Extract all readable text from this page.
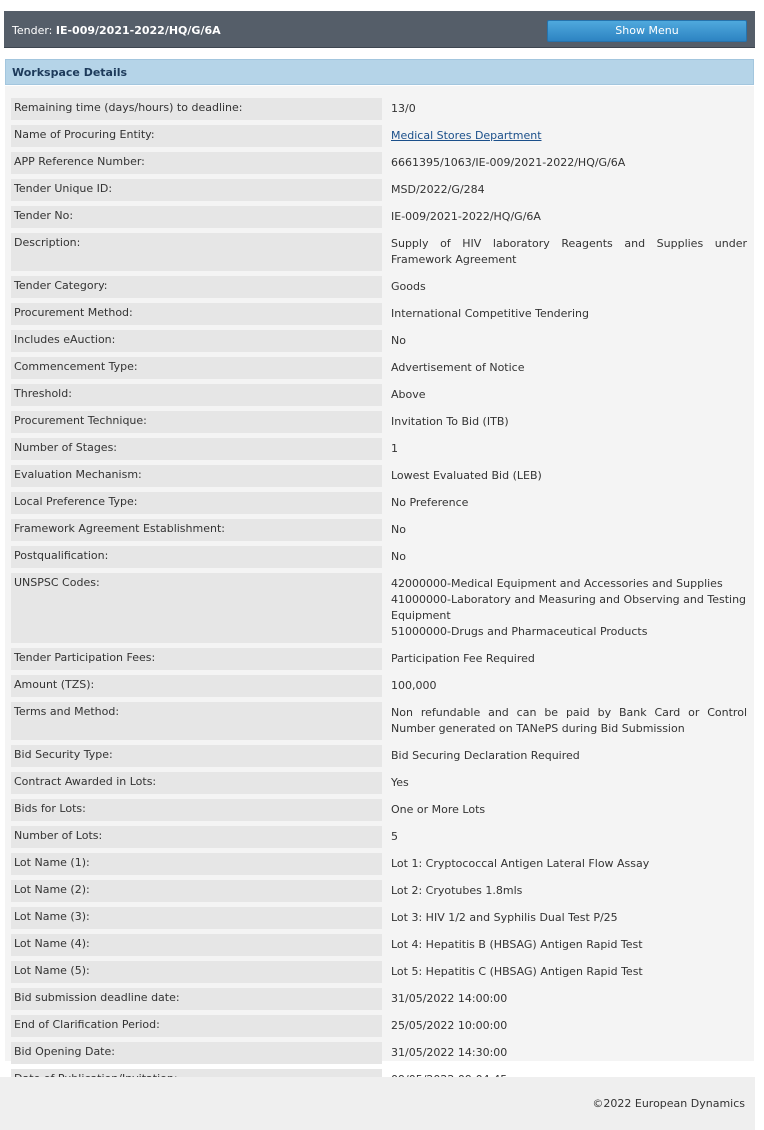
Tender: IE-009/2021-2022/HQ/G/6A	Show Menu
Workspace Details
Remaining time (days/hours) to deadline:	13/0
Name of Procuring Entity:	Medical Stores Department
APP Reference Number:	6661395/1063/IE-009/2021-2022/HQ/G/6A
Tender Unique ID:	MSD/2022/G/284
Tender No:	IE-009/2021-2022/HQ/G/6A
Description:	Supply of HIV laboratory Reagents and Supplies under Framework Agreement
Tender Category:	Goods
Procurement Method:	International Competitive Tendering
Includes eAuction:	No
Commencement Type:	Advertisement of Notice
Threshold:	Above
Procurement Technique:	Invitation To Bid (ITB)
Number of Stages:	1
Evaluation Mechanism:	Lowest Evaluated Bid (LEB)
Local Preference Type:	No Preference
Framework Agreement Establishment:	No
Postqualification:	No
UNSPSC Codes:	42000000-Medical Equipment and Accessories and Supplies
41000000-Laboratory and Measuring and Observing and Testing Equipment
51000000-Drugs and Pharmaceutical Products
Tender Participation Fees:	Participation Fee Required
Amount (TZS):	100,000
Terms and Method:	Non refundable and can be paid by Bank Card or Control Number generated on TANePS during Bid Submission
Bid Security Type:	Bid Securing Declaration Required
Contract Awarded in Lots:	Yes
Bids for Lots:	One or More Lots
Number of Lots:	5
Lot Name (1):	Lot 1: Cryptococcal Antigen Lateral Flow Assay
Lot Name (2):	Lot 2: Cryotubes 1.8mls
Lot Name (3):	Lot 3: HIV 1/2 and Syphilis Dual Test P/25
Lot Name (4):	Lot 4: Hepatitis B (HBSAG) Antigen Rapid Test
Lot Name (5):	Lot 5: Hepatitis C (HBSAG) Antigen Rapid Test
Bid submission deadline date:	31/05/2022 14:00:00
End of Clarification Period:	25/05/2022 10:00:00
Bid Opening Date:	31/05/2022 14:30:00
©2022 European Dynamics
